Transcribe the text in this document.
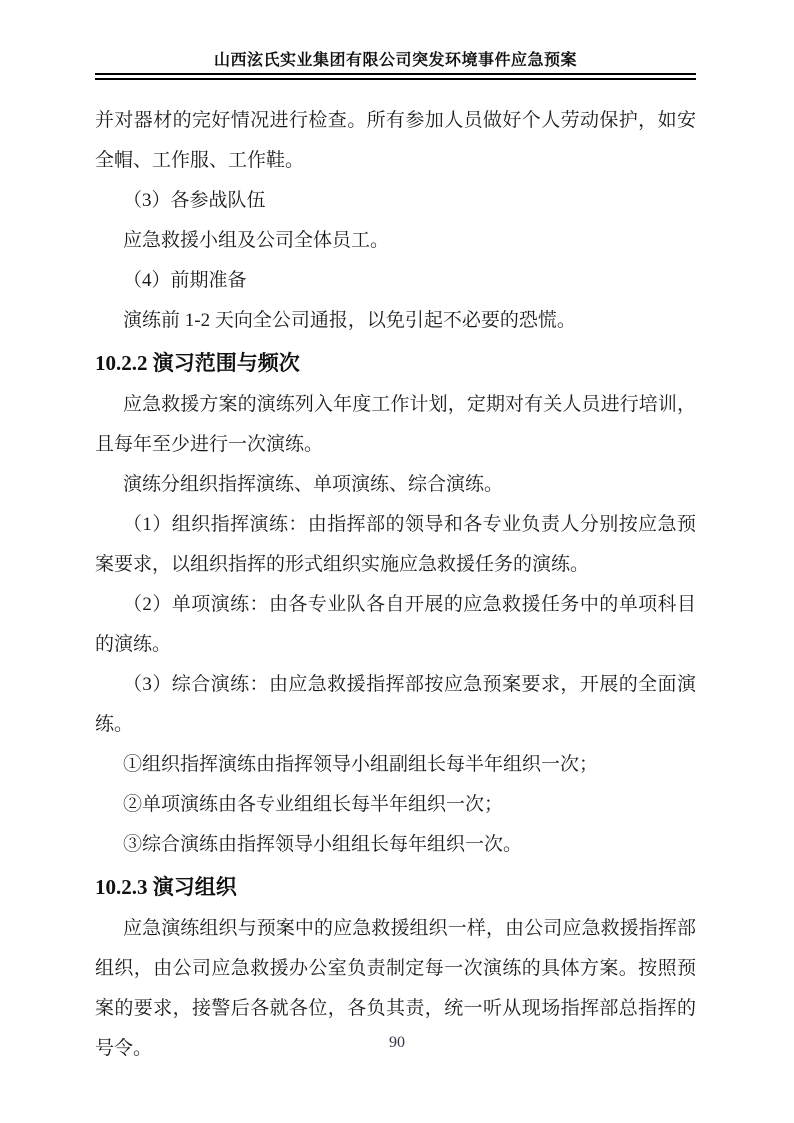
山西泫氏实业集团有限公司突发环境事件应急预案

并对器材的完好情况进行检查。所有参加人员做好个人劳动保护，如安全帽、工作服、工作鞋。

（3）各参战队伍

应急救援小组及公司全体员工。

（4）前期准备

演练前 1-2 天向全公司通报，以免引起不必要的恐慌。

10.2.2 演习范围与频次

应急救援方案的演练列入年度工作计划，定期对有关人员进行培训，且每年至少进行一次演练。

演练分组织指挥演练、单项演练、综合演练。

（1）组织指挥演练：由指挥部的领导和各专业负责人分别按应急预案要求，以组织指挥的形式组织实施应急救援任务的演练。

（2）单项演练：由各专业队各自开展的应急救援任务中的单项科目的演练。

（3）综合演练：由应急救援指挥部按应急预案要求，开展的全面演练。

①组织指挥演练由指挥领导小组副组长每半年组织一次；

②单项演练由各专业组组长每半年组织一次；

③综合演练由指挥领导小组组长每年组织一次。

10.2.3 演习组织

应急演练组织与预案中的应急救援组织一样，由公司应急救援指挥部组织，由公司应急救援办公室负责制定每一次演练的具体方案。按照预案的要求，接警后各就各位，各负其责，统一听从现场指挥部总指挥的号令。	90
